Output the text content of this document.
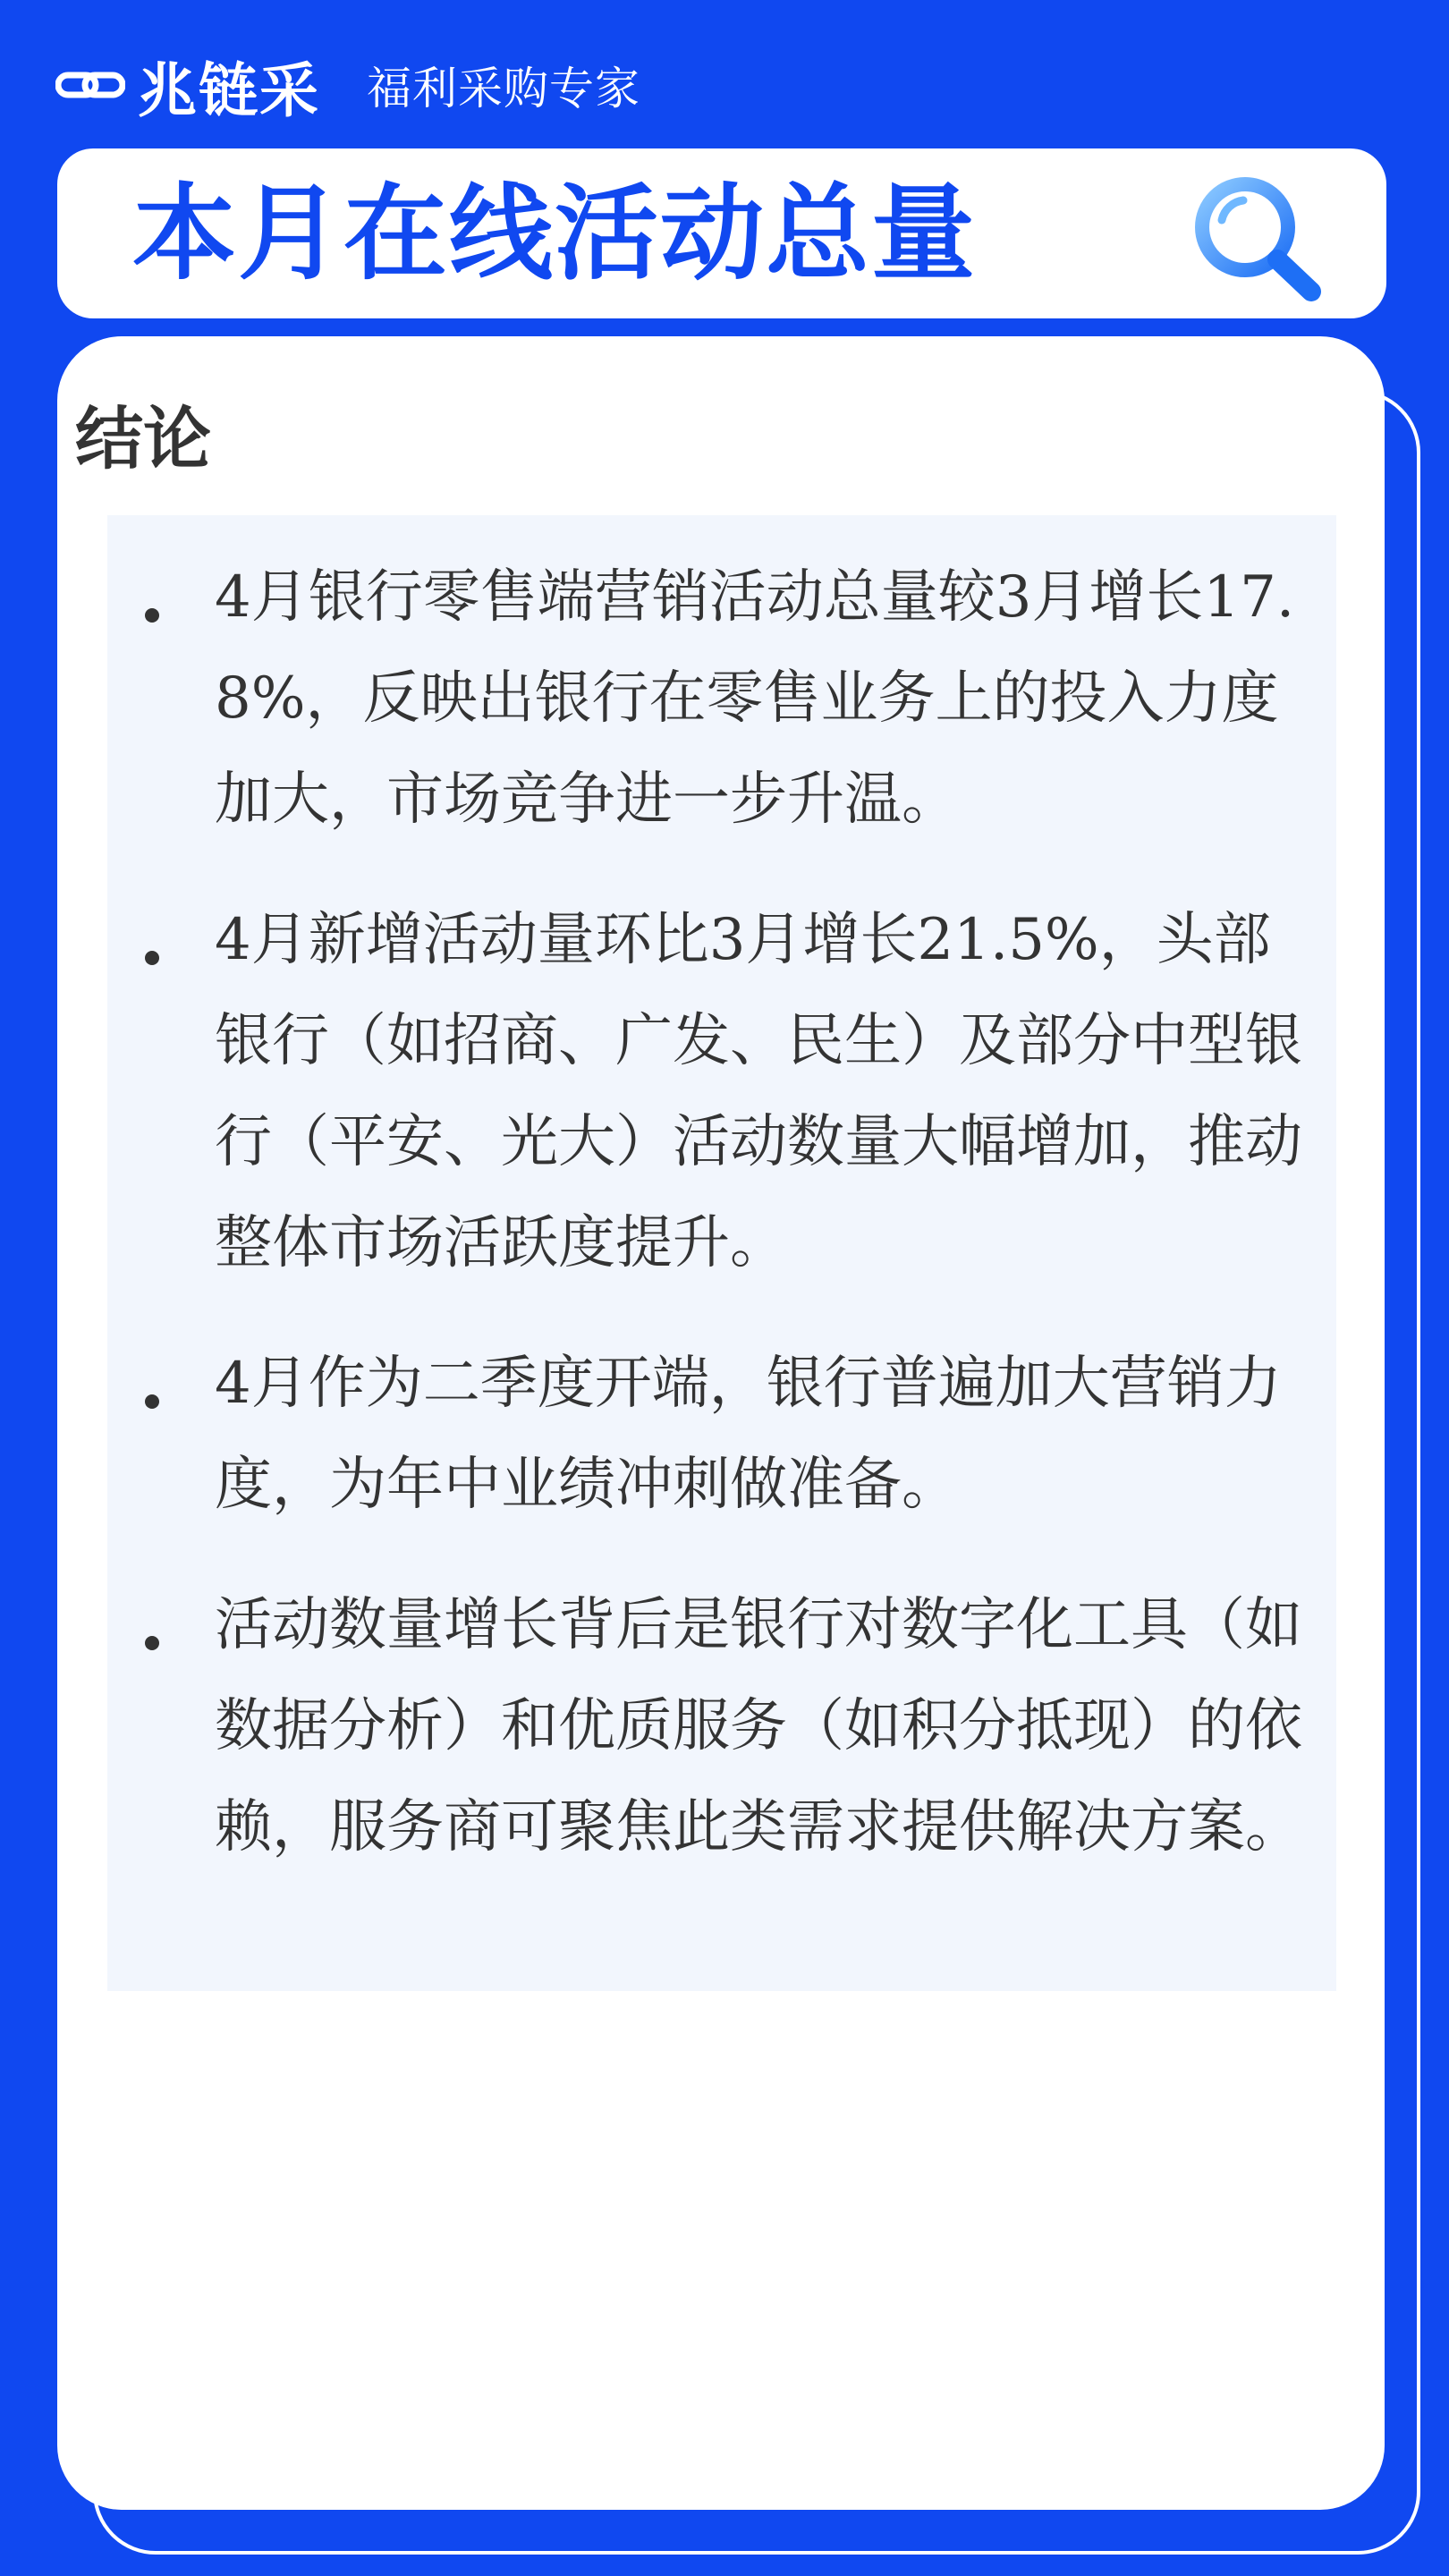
兆链采 福利采购专家
本月在线活动总量
结论
4月银行零售端营销活动总量较3月增长17.8%，反映出银行在零售业务上的投入力度加大，市场竞争进一步升温。
4月新增活动量环比3月增长21.5%，头部银行（如招商、广发、民生）及部分中型银行（平安、光大）活动数量大幅增加，推动整体市场活跃度提升。
4月作为二季度开端，银行普遍加大营销力度，为年中业绩冲刺做准备。
活动数量增长背后是银行对数字化工具（如数据分析）和优质服务（如积分抵现）的依赖，服务商可聚焦此类需求提供解决方案。
